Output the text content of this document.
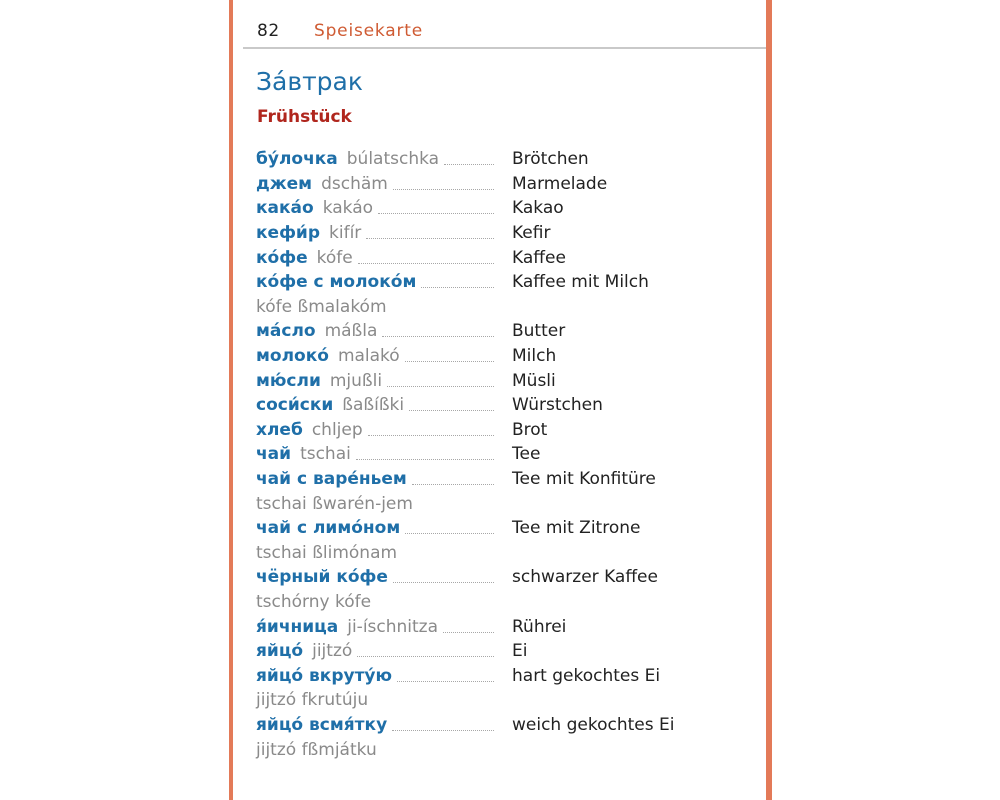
82 Speisekarte
Зáвтрак
Frühstück
бу́лочка búlatschka	Brötchen
джем dschäm	Marmelade
какáо kakáo	Kakao
кефи́р kifír	Kefir
кóфе kófe	Kaffee
кóфе с молокóм	Kaffee mit Milch
kófe ßmalakóm
мáсло máßla	Butter
молокó malakó	Milch
мю́сли mjußli	Müsli
соси́ски ßaßíßki	Würstchen
хлеб chljep	Brot
чай tschai	Tee
чай с варе́ньем	Tee mit Konfitüre
tschai ßwarén-jem
чай с лимóном	Tee mit Zitrone
tschai ßlimónam
чёрный кóфе	schwarzer Kaffee
tschórny kófe
я́ичница ji-íschnitza	Rührei
яйцó jijtzó	Ei
яйцó вкруту́ю	hart gekochtes Ei
jijtzó fkrutúju
яйцó всмя́тку	weich gekochtes Ei
jijtzó fßmjátku
